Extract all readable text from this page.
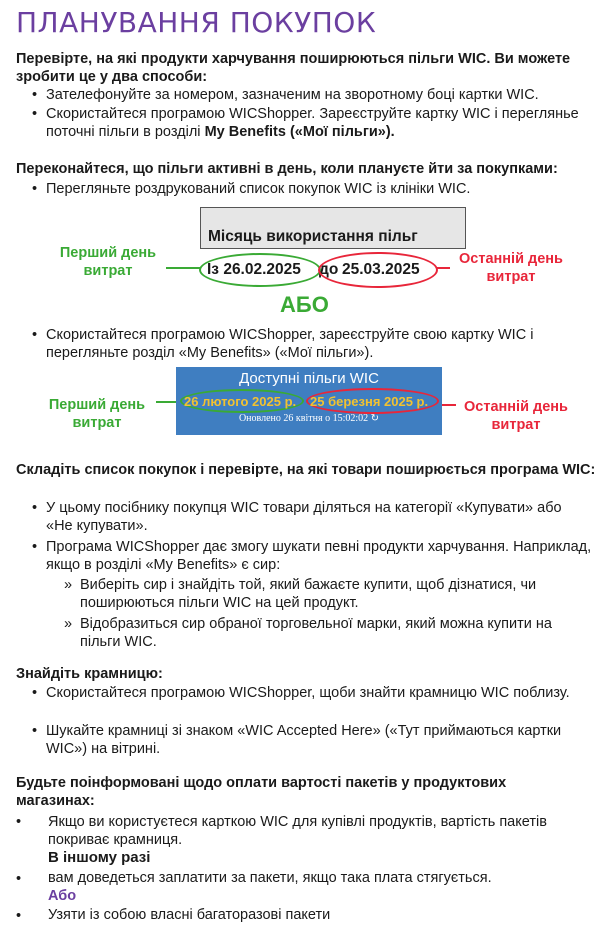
ПЛАНУВАННЯ ПОКУПОК
Перевірте, на які продукти харчування поширюються пільги WIC. Ви можете зробити це у два способи:
• Зателефонуйте за номером, зазначеним на зворотному боці картки WIC.
• Скористайтеся програмою WICShopper. Зареєструйте картку WIC і переглянье поточні пільги в розділі My Benefits («Мої пільги»).
Переконайтеся, що пільги активні в день, коли плануєте йти за покупками:
• Перегляньте роздрукований список покупок WIC із клініки WIC.
Місяць використання пільг
Перший день витрат	Із 26.02.2025 до 25.03.2025
Останній день витрат
АБО
• Скористайтеся програмою WICShopper, зареєструйте свою картку WIC і перегляньте розділ «My Benefits» («Мої пільги»).
Перший день витрат
Доступні пільги WIC
26 лютого 2025 р. 25 березня 2025 р.
Оновлено 26 квітня о 15:02:02 ↻
Останній день витрат
Складіть список покупок і перевірте, на які товари поширюється програма WIC:
• У цьому посібнику покупця WIC товари діляться на категорії «Купувати» або «Не купувати».
• Програма WICShopper дає змогу шукати певні продукти харчування. Наприклад, якщо в розділі «My Benefits» є сир:
» Виберіть сир і знайдіть той, який бажаєте купити, щоб дізнатися, чи поширюються пільги WIC на цей продукт.
» Відобразиться сир обраної торговельної марки, який можна купити на пільги WIC.
Знайдіть крамницю:
• Скористайтеся програмою WICShopper, щоби знайти крамницю WIC поблизу.
• Шукайте крамниці зі знаком «WIC Accepted Here» («Тут приймаються картки WIC») на вітрині.
Будьте поінформовані щодо оплати вартості пакетів у продуктових магазинах:
• Якщо ви користуєтеся карткою WIC для купівлі продуктів, вартість пакетів покриває крамниця.
В іншому разі
• вам доведеться заплатити за пакети, якщо така плата стягується.
Або
• Узяти із собою власні багаторазові пакети
